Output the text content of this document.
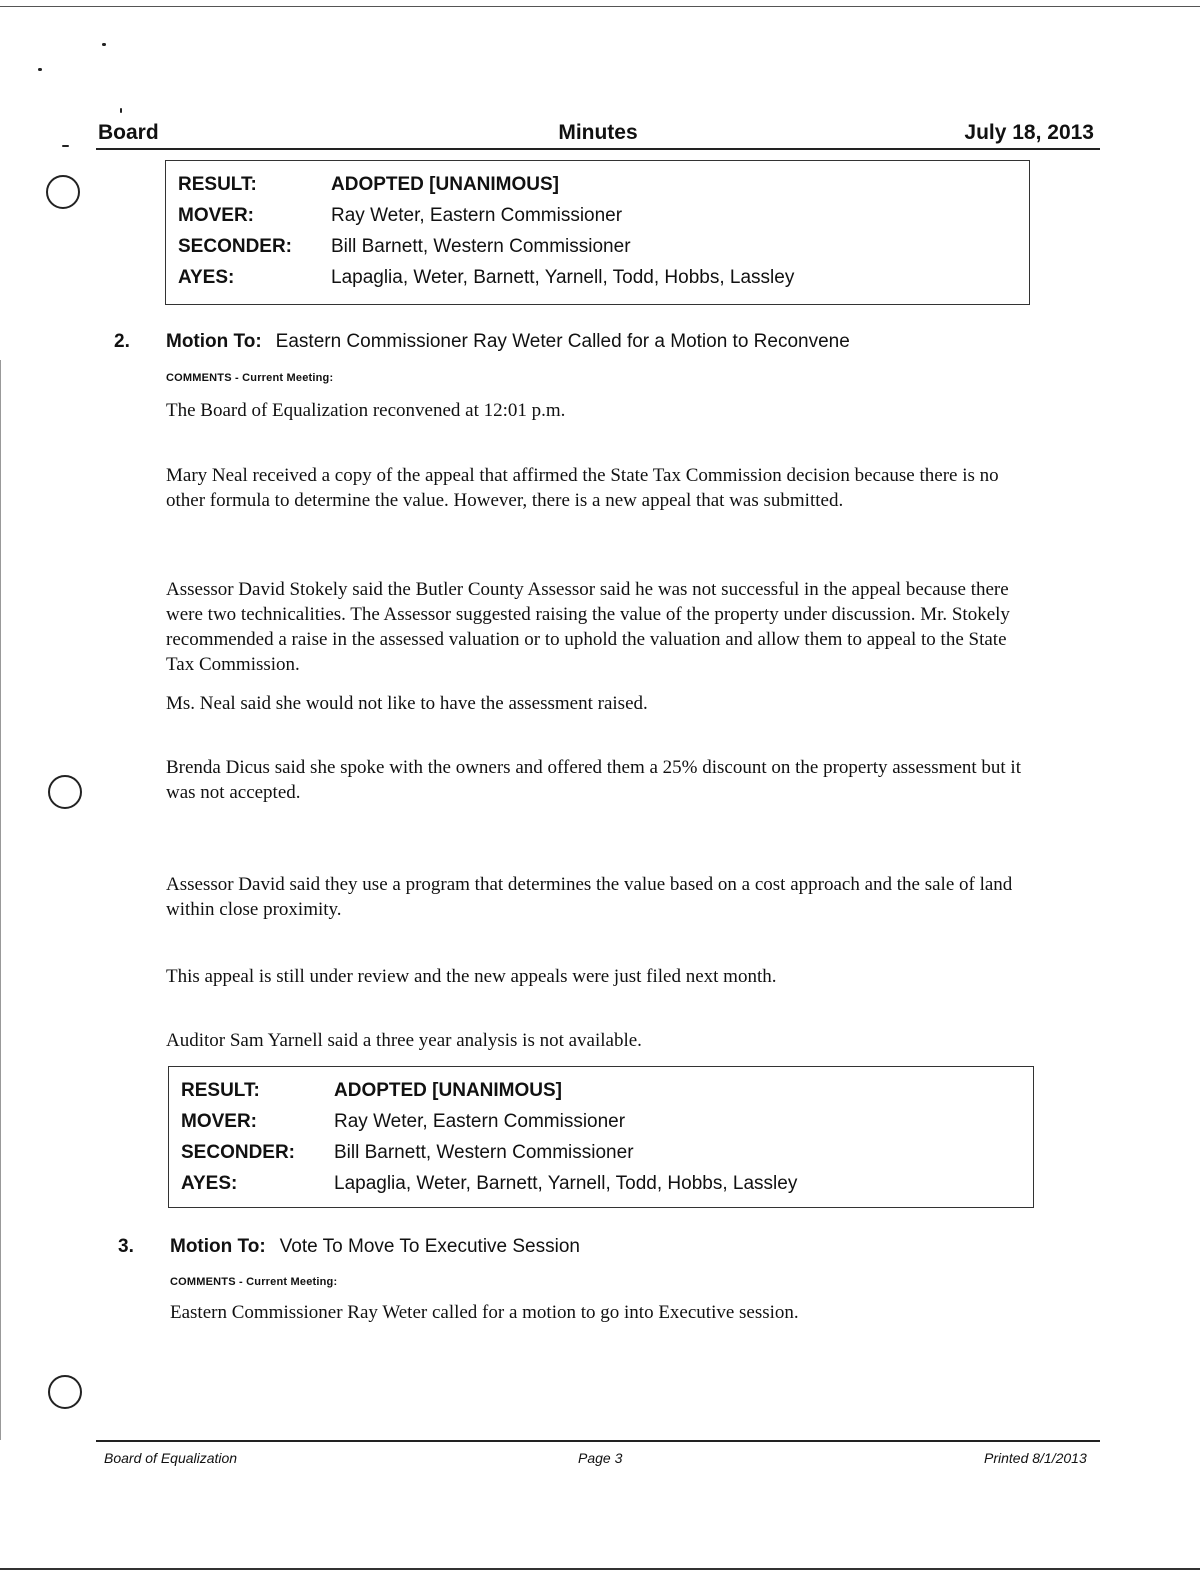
Board	Minutes	July 18, 2013
RESULT:	ADOPTED [UNANIMOUS]
MOVER:	Ray Weter, Eastern Commissioner
SECONDER:	Bill Barnett, Western Commissioner
AYES:	Lapaglia, Weter, Barnett, Yarnell, Todd, Hobbs, Lassley
2.	Motion To: Eastern Commissioner Ray Weter Called for a Motion to Reconvene
COMMENTS - Current Meeting:

The Board of Equalization reconvened at 12:01 p.m.

Mary Neal received a copy of the appeal that affirmed the State Tax Commission decision because there is no other formula to determine the value. However, there is a new appeal that was submitted.

Assessor David Stokely said the Butler County Assessor said he was not successful in the appeal because there were two technicalities. The Assessor suggested raising the value of the property under discussion. Mr. Stokely recommended a raise in the assessed valuation or to uphold the valuation and allow them to appeal to the State Tax Commission.

Ms. Neal said she would not like to have the assessment raised.

Brenda Dicus said she spoke with the owners and offered them a 25% discount on the property assessment but it was not accepted.

Assessor David said they use a program that determines the value based on a cost approach and the sale of land within close proximity.

This appeal is still under review and the new appeals were just filed next month.

Auditor Sam Yarnell said a three year analysis is not available.

RESULT:	ADOPTED [UNANIMOUS]
MOVER:	Ray Weter, Eastern Commissioner
SECONDER:	Bill Barnett, Western Commissioner
AYES:	Lapaglia, Weter, Barnett, Yarnell, Todd, Hobbs, Lassley
3.	Motion To: Vote To Move To Executive Session
COMMENTS - Current Meeting:

Eastern Commissioner Ray Weter called for a motion to go into Executive session.

Board of Equalization	Page 3	Printed 8/1/2013
